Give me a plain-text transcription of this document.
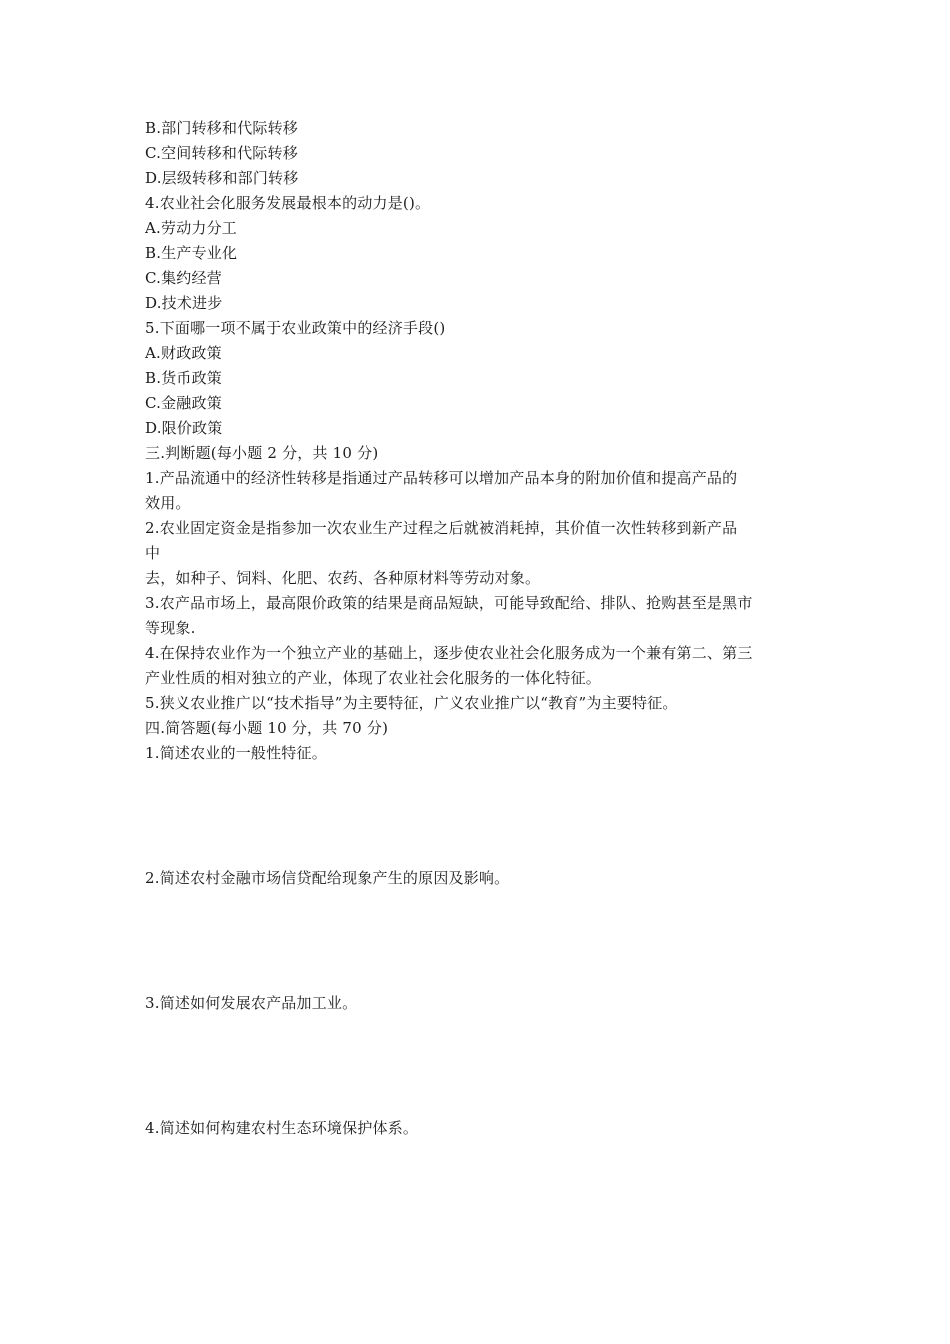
B.部门转移和代际转移
C.空间转移和代际转移
D.层级转移和部门转移
4.农业社会化服务发展最根本的动力是()。
A.劳动力分工
B.生产专业化
C.集约经营
D.技术进步
5.下面哪一项不属于农业政策中的经济手段()
A.财政政策
B.货币政策
C.金融政策
D.限价政策
三.判断题(每小题 2 分，共 10 分)
1.产品流通中的经济性转移是指通过产品转移可以增加产品本身的附加价值和提高产品的
效用。
2.农业固定资金是指参加一次农业生产过程之后就被消耗掉，其价值一次性转移到新产品
中
去，如种子、饲料、化肥、农药、各种原材料等劳动对象。
3.农产品市场上，最高限价政策的结果是商品短缺，可能导致配给、排队、抢购甚至是黑市
等现象.
4.在保持农业作为一个独立产业的基础上，逐步使农业社会化服务成为一个兼有第二、第三
产业性质的相对独立的产业，体现了农业社会化服务的一体化特征。
5.狭义农业推广以“技术指导”为主要特征，广义农业推广以“教育”为主要特征。
四.简答题(每小题 10 分，共 70 分)
1.简述农业的一般性特征。
2.简述农村金融市场信贷配给现象产生的原因及影响。
3.简述如何发展农产品加工业。
4.简述如何构建农村生态环境保护体系。
